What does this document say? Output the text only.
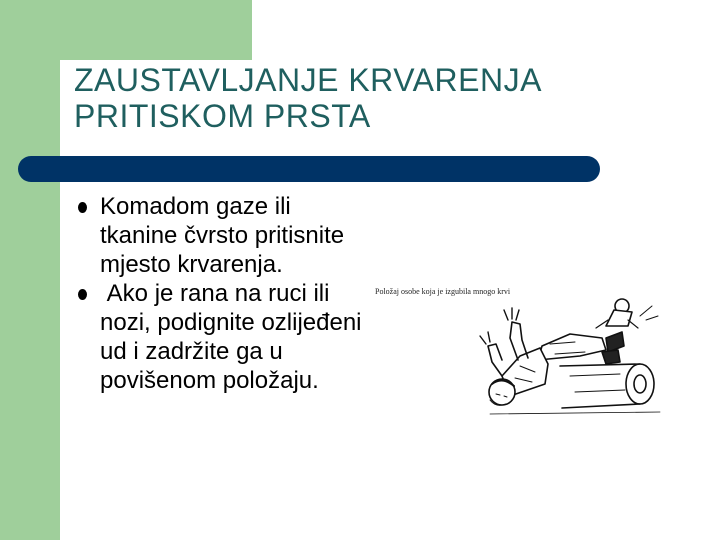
ZAUSTAVLJANJE KRVARENJA
PRITISKOM PRSTA
Komadom gaze ili tkanine čvrsto pritisnite mjesto krvarenja.
Ako je rana na ruci ili nozi, podignite ozlijeđeni ud i zadržite ga u povišenom položaju.
Položaj osobe koja je izgubila mnogo krvi
